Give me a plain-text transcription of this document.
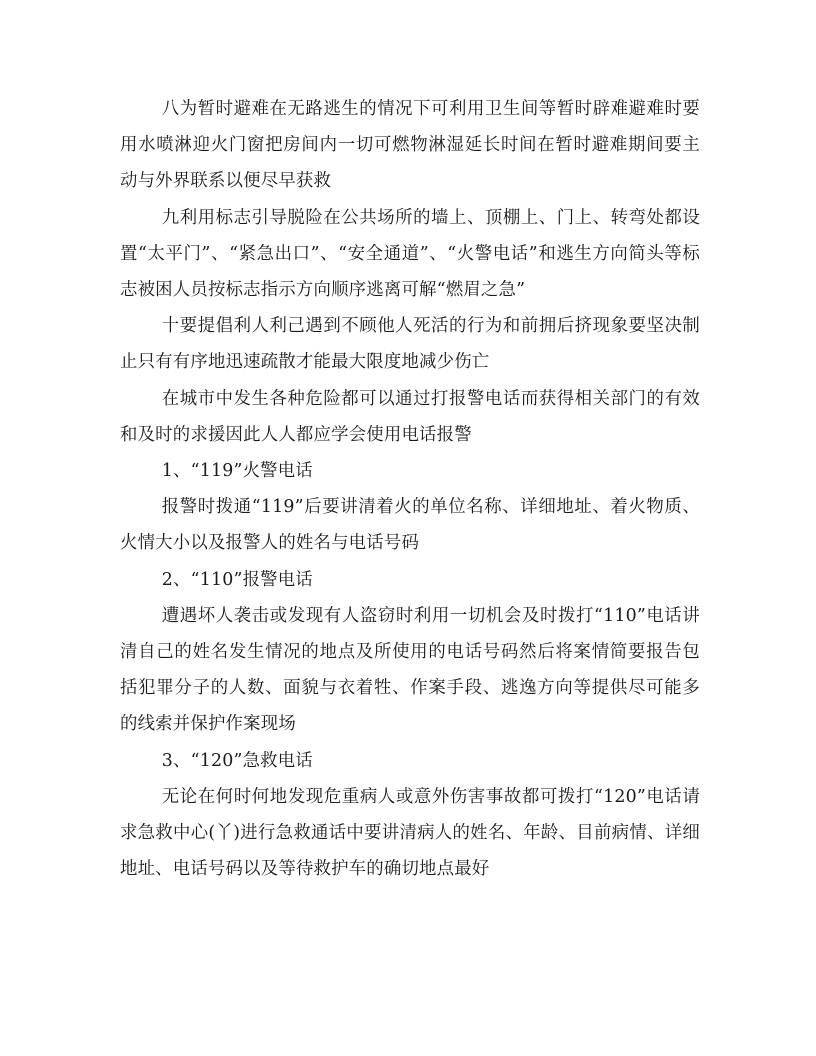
八为暂时避难在无路逃生的情况下可利用卫生间等暂时辟难避难时要用水喷淋迎火门窗把房间内一切可燃物淋湿延长时间在暂时避难期间要主动与外界联系以便尽早获救

九利用标志引导脱险在公共场所的墙上、顶棚上、门上、转弯处都设置“太平门”、“紧急出口”、“安全通道”、“火警电话”和逃生方向简头等标志被困人员按标志指示方向顺序逃离可解“燃眉之急”

十要提倡利人利己遇到不顾他人死活的行为和前拥后挤现象要坚决制止只有有序地迅速疏散才能最大限度地减少伤亡

在城市中发生各种危险都可以通过打报警电话而获得相关部门的有效和及时的求援因此人人都应学会使用电话报警

1、“119”火警电话

报警时拨通“119”后要讲清着火的单位名称、详细地址、着火物质、火情大小以及报警人的姓名与电话号码

2、“110”报警电话

遭遇坏人袭击或发现有人盗窃时利用一切机会及时拨打“110”电话讲清自己的姓名发生情况的地点及所使用的电话号码然后将案情简要报告包括犯罪分子的人数、面貌与衣着牲、作案手段、逃逸方向等提供尽可能多的线索并保护作案现场

3、“120”急救电话

无论在何时何地发现危重病人或意外伤害事故都可拨打“120”电话请求急救中心(丫)进行急救通话中要讲清病人的姓名、年龄、目前病情、详细地址、电话号码以及等待救护车的确切地点最好
